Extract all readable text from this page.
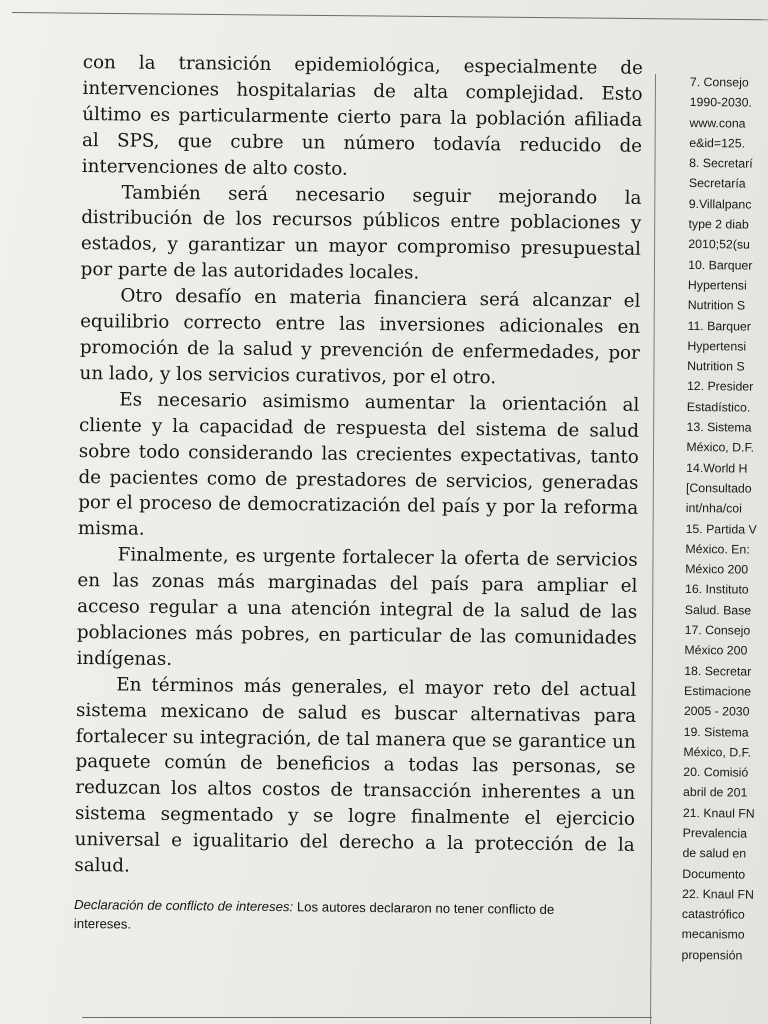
con la transición epidemiológica, especialmente de intervenciones hospitalarias de alta complejidad. Esto último es particularmente cierto para la población afiliada al SPS, que cubre un número todavía reducido de intervenciones de alto costo.

También será necesario seguir mejorando la distribución de los recursos públicos entre poblaciones y estados, y garantizar un mayor compromiso presupuestal por parte de las autoridades locales.

Otro desafío en materia financiera será alcanzar el equilibrio correcto entre las inversiones adicionales en promoción de la salud y prevención de enfermedades, por un lado, y los servicios curativos, por el otro.

Es necesario asimismo aumentar la orientación al cliente y la capacidad de respuesta del sistema de salud sobre todo considerando las crecientes expectativas, tanto de pacientes como de prestadores de servicios, generadas por el proceso de democratización del país y por la reforma misma.

Finalmente, es urgente fortalecer la oferta de servicios en las zonas más marginadas del país para ampliar el acceso regular a una atención integral de la salud de las poblaciones más pobres, en particular de las comunidades indígenas.

En términos más generales, el mayor reto del actual sistema mexicano de salud es buscar alternativas para fortalecer su integración, de tal manera que se garantice un paquete común de beneficios a todas las personas, se reduzcan los altos costos de transacción inherentes a un sistema segmentado y se logre finalmente el ejercicio universal e igualitario del derecho a la protección de la salud.

Declaración de conflicto de intereses: Los autores declararon no tener conflicto de intereses.
7. Consejo
1990-2030.
www.cona
e&id=125.
8. Secretarí
Secretaría
9.Villalpanc
type 2 diab
2010;52(su
10. Barquer
Hypertensi
Nutrition S
11. Barquer
Hypertensi
Nutrition S
12. Presider
Estadístico.
13. Sistema
México, D.F.
14.World H
[Consultado
int/nha/coi
15. Partida V
México. En:
México 200
16. Instituto
Salud. Base
17. Consejo
México 200
18. Secretar
Estimacione
2005 - 2030
19. Sistema
México, D.F.
20. Comisió
abril de 201
21. Knaul FN
Prevalencia
de salud en
Documento
22. Knaul FN
catastrófico
mecanismo
propensión
